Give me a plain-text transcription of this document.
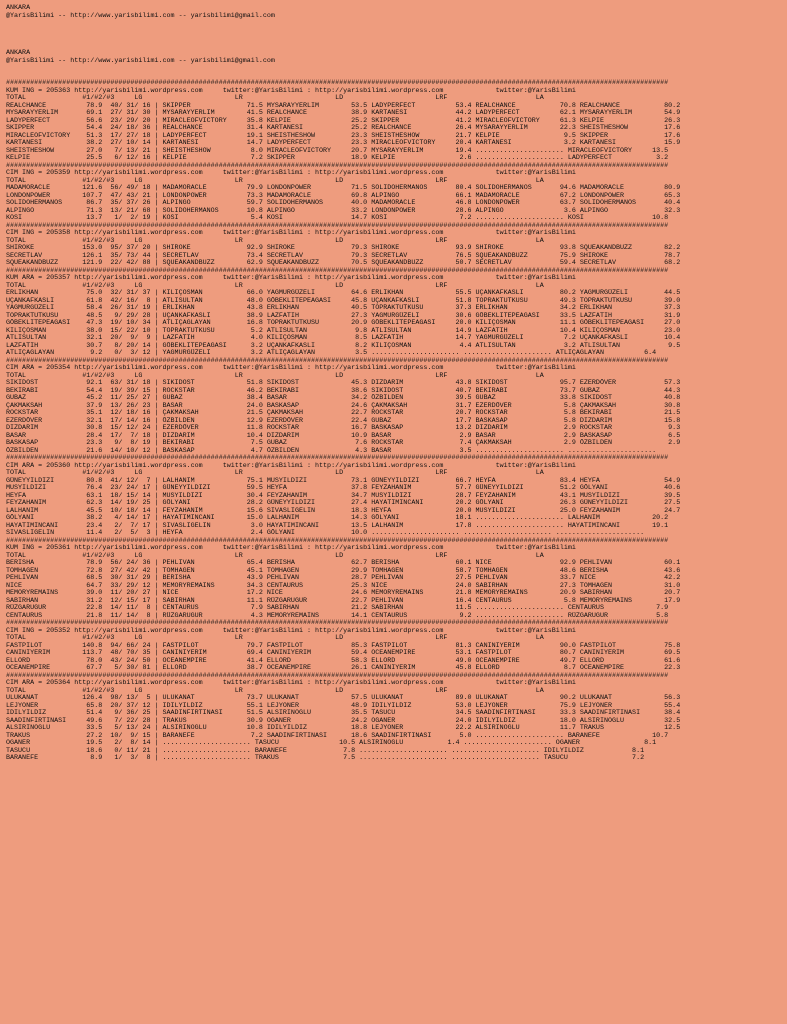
ANKARA
@YarisBilimi -- http://www.yarisbilimi.com -- yarisbilimi@gmail.com
ANKARA
@YarisBilimi -- http://www.yarisbilimi.com -- yarisbilimi@gmail.com
#####################################################################################################################################################################
KUM ING = 205363 http://yarisbilimi.wordpress.com     twitter:@YarisBilimi : http://yarisbilimi.wordpress.com             twitter:@YarisBilimi
TOTAL              #1/#2/#3     LG                       LR                       LD                       LRF                      LA
REALCHANCE          78.9  40/ 31/ 16 | SKIPPER              71.5 MYSARAYYERLIM        53.5 LADYPERFECT          53.4 REALCHANCE           70.8 REALCHANCE           80.2
MYSARAYYERLIM       69.1  27/ 31/ 30 | MYSARAYYERLIM        41.5 REALCHANCE           38.9 KARTANESI            44.2 LADYPERFECT          62.1 MYSARAYYERLIM        54.9
LADYPERFECT         56.6  23/ 29/ 20 | MIRACLEOFVICTORY     35.8 KELPIE               25.2 SKIPPER              41.2 MIRACLEOFVICTORY     61.3 KELPIE               26.3
SKIPPER             54.4  24/ 18/ 36 | REALCHANCE           31.4 KARTANESI            25.2 REALCHANCE           26.4 MYSARAYYERLIM        22.3 SHEISTHESHOW         17.6
MIRACLEOFVICTORY    51.3  17/ 27/ 18 | LADYPERFECT          19.1 SHEISTHESHOW         23.3 SHEISTHESHOW         21.7 KELPIE                9.5 SKIPPER              17.6
KARTANESI           38.2  27/ 10/ 14 | KARTANESI            14.7 LADYPERFECT          23.3 MIRACLEOFVICTORY     20.4 KARTANESI             3.2 KARTANESI            15.9
SHEISTHESHOW        27.0   7/ 13/ 21 | SHEISTHESHOW          8.0 MIRACLEOFVICTORY     20.7 MYSARAYYERLIM        19.4 ...................... MIRACLEOFVICTORY     13.5
KELPIE              25.5   6/ 12/ 16 | KELPIE                7.2 SKIPPER              18.9 KELPIE                2.6 ...................... LADYPERFECT           3.2
#####################################################################################################################################################################
CIM ING = 205359 http://yarisbilimi.wordpress.com     twitter:@YarisBilimi : http://yarisbilimi.wordpress.com             twitter:@YarisBilimi
TOTAL              #1/#2/#3     LG                       LR                       LD                       LRF                      LA
MADAMORACLE        121.6  56/ 49/ 18 | MADAMORACLE          79.9 LONDONPOWER          71.5 SOLIDOHERMANOS       80.4 SOLIDOHERMANOS       94.6 MADAMORACLE          80.9
LONDONPOWER        107.7  47/ 43/ 21 | LONDONPOWER          73.3 MADAMORACLE          69.8 ALPINGO              66.1 MADAMORACLE          67.2 LONDONPOWER          65.3
SOLIDOHERMANOS      86.7  35/ 37/ 26 | ALPINGO              59.7 SOLIDOHERMANOS       40.0 MADAMORACLE          46.8 LONDONPOWER          63.7 SOLIDOHERMANOS       40.4
ALPINGO             71.3  13/ 21/ 68 | SOLIDOHERMANOS       10.8 ALPINGO              33.2 LONDONPOWER          28.6 ALPINGO               3.6 ALPINGO              32.3
KOSI                13.7   1/  2/ 19 | KOSI                  5.4 KOSI                 14.7 KOSI                  7.2 ...................... KOSI                 10.8
#####################################################################################################################################################################
CIM ING = 205358 http://yarisbilimi.wordpress.com     twitter:@YarisBilimi : http://yarisbilimi.wordpress.com             twitter:@YarisBilimi
TOTAL              #1/#2/#3     LG                       LR                       LD                       LRF                      LA
SHIROKE            153.0  95/ 37/ 20 | SHIROKE              92.9 SHIROKE              79.3 SHIROKE              93.9 SHIROKE              93.8 SQUEAKANDBUZZ        82.2
SECRETLAV          126.1  35/ 73/ 44 | SECRETLAV            73.4 SECRETLAV            79.3 SECRETLAV            76.5 SQUEAKANDBUZZ        75.9 SHIROKE              78.7
SQUEAKANDBUZZ      121.9  22/ 42/ 88 | SQUEAKANDBUZZ        62.9 SQUEAKANDBUZZ        70.5 SQUEAKANDBUZZ        50.7 SECRETLAV            59.4 SECRETLAV            68.2
#####################################################################################################################################################################
KUM ARA = 205357 http://yarisbilimi.wordpress.com     twitter:@YarisBilimi : http://yarisbilimi.wordpress.com             twitter:@YarisBilimi
TOTAL              #1/#2/#3     LG                       LR                       LD                       LRF                      LA
ERLIKHAN            75.0  32/ 31/ 37 | KILIÇOSMAN           66.0 YAGMURGÜZELI         64.6 ERLIKHAN             55.5 UÇANKAFKASLI         80.2 YAGMURGÜZELI         44.5
UÇANKAFKASLI        61.8  42/ 16/  8 | ATLISULTAN           48.0 GÖBEKLITEPEAGASI     45.8 UÇANKAFKASLI         51.8 TOPRAKTUTKUSU        49.3 TOPRAKTUTKUSU        39.0
YAGMURGÜZELI        58.4  26/ 31/ 19 | ERLIKHAN             43.8 ERLIKHAN             40.5 TOPRAKTUTKUSU        37.3 ERLIKHAN             34.2 ERLIKHAN             37.3
TOPRAKTUTKUSU       48.5   9/ 29/ 28 | UÇANKAFKASLI         38.9 LAZFATIH             27.3 YAGMURGÜZELI         30.6 GÖBEKLITEPEAGASI     33.5 LAZFATIH             31.9
GÖBEKLITEPEAGASI    47.3  19/ 10/ 34 | ATLIÇAGLAYAN         16.8 TOPRAKTUTKUSU        20.9 GÖBEKLITEPEAGASI     20.0 KILIÇOSMAN           11.1 GÖBEKLITEPEAGASI     27.0
KILIÇOSMAN          38.0  15/ 22/ 10 | TOPRAKTUTKUSU         5.2 ATLISULTAN            9.8 ATLISULTAN           14.9 LAZFATIH             10.4 KILIÇOSMAN           23.0
ATLISULTAN          32.1  20/  9/  9 | LAZFATIH              4.0 KILIÇOSMAN            8.5 LAZFATIH             14.7 YAGMURGÜZELI          7.2 UÇANKAFKASLI         10.4
LAZFATIH            30.7   8/ 20/ 14 | GÖBEKLITEPEAGASI      3.2 UÇANKAFKASLI          8.2 KILIÇOSMAN            4.4 ATLISULTAN            3.2 ATLISULTAN            9.5
ATLIÇAGLAYAN         9.2   0/  3/ 12 | YAGMURGÜZELI          3.2 ATLIÇAGLAYAN          3.5 ...................... ...................... ATLIÇAGLAYAN          6.4
#####################################################################################################################################################################
CIM ARA = 205354 http://yarisbilimi.wordpress.com     twitter:@YarisBilimi : http://yarisbilimi.wordpress.com             twitter:@YarisBilimi
TOTAL              #1/#2/#3     LG                       LR                       LD                       LRF                      LA
SIKIDOST            92.1  63/ 31/ 18 | SIKIDOST             51.8 SIKIDOST             45.3 DIZDARIM             43.8 SIKIDOST             95.7 EZERDÖVER            57.3
BEKIRABI            54.4  19/ 39/ 15 | ROCKSTAR             46.2 BEKIRABI             38.6 SIKIDOST             40.7 BEKIRABI             73.7 GUBAZ                44.3
GUBAZ               45.2  11/ 25/ 27 | GUBAZ                38.4 BASAR                34.2 ÖZBILDEN             39.5 GUBAZ                33.8 SIKIDOST             40.8
ÇAKMAKSAH           37.9  13/ 26/ 23 | BASAR                24.0 BASKASAP             24.6 ÇAKMAKSAH            31.7 EZERDÖVER             5.8 ÇAKMAKSAH            30.8
ROCKSTAR            35.1  12/ 18/ 16 | ÇAKMAKSAH            21.5 ÇAKMAKSAH            22.7 ROCKSTAR             20.7 ROCKSTAR              5.8 BEKIRABI             21.5
EZERDÖVER           32.1  17/ 14/ 16 | ÖZBILDEN             12.9 EZERDÖVER            22.4 GUBAZ                17.7 BASKASAP              5.8 DIZDARIM             15.8
DIZDARIM            30.8  15/ 12/ 24 | EZERDÖVER            11.8 ROCKSTAR             16.7 BASKASAP             13.2 DIZDARIM              2.9 ROCKSTAR              9.3
BASAR               28.4  17/  7/ 18 | DIZDARIM             10.4 DIZDARIM             10.9 BASAR                 2.9 BASAR                 2.9 BASKASAP              6.5
BASKASAP            23.3   9/  8/ 19 | BEKIRABI              7.5 GUBAZ                 7.6 ROCKSTAR              7.4 ÇAKMAKSAH             2.9 ÖZBILDEN              2.9
ÖZBILDEN            21.6  14/ 10/ 12 | BASKASAP              4.7 ÖZBILDEN              4.3 BASAR                 3.5 ...................... ......................
#####################################################################################################################################################################
CIM ARA = 205360 http://yarisbilimi.wordpress.com     twitter:@YarisBilimi : http://yarisbilimi.wordpress.com             twitter:@YarisBilimi
TOTAL              #1/#2/#3     LG                       LR                       LD                       LRF                      LA
GÜNEYYILDIZI        80.8  41/ 12/  7 | LALHANIM             75.1 MUSYILDIZI           73.1 GÜNEYYILDIZI         66.7 HEYFA                83.4 HEYFA                54.9
MUSYILDIZI          76.4  23/ 24/ 17 | GÜNEYYILDIZI         59.5 HEYFA                37.8 FEYZAHANIM           57.7 GÜNEYYILDIZI         51.2 GÖLYANI              40.6
HEYFA               63.1  18/ 15/ 14 | MUSYILDIZI           30.4 FEYZAHANIM           34.7 MUSYILDIZI           28.7 FEYZAHANIM           43.1 MUSYILDIZI           39.5
FEYZAHANIM          62.3  14/ 19/ 25 | GÖLYANI              28.2 GÜNEYYILDIZI         27.4 HAYATIMINCANI        20.2 GÖLYANI              26.3 GÜNEYYILDIZI         27.5
LALHANIM            45.5  10/ 18/ 14 | FEYZAHANIM           15.6 SIVASLIGELIN         18.3 HEYFA                20.0 MUSYILDIZI           25.0 FEYZAHANIM           24.7
GÖLYANI             38.2   4/ 14/ 17 | HAYATIMINCANI        15.0 LALHANIM             14.3 GÖLYANI              18.1 ...................... LALHANIM             20.2
HAYATIMINCANI       23.4   2/  7/ 17 | SIVASLIGELIN          3.0 HAYATIMINCANI        13.5 LALHANIM             17.8 ...................... HAYATIMINCANI        19.1
SIVASLIGELIN        11.4   2/  5/  3 | HEYFA                 2.4 GÖLYANI              10.0 ...................... ...................... ......................
#####################################################################################################################################################################
KUM ING = 205361 http://yarisbilimi.wordpress.com     twitter:@YarisBilimi : http://yarisbilimi.wordpress.com             twitter:@YarisBilimi
TOTAL              #1/#2/#3     LG                       LR                       LD                       LRF                      LA
BERISHA             78.9  56/ 24/ 36 | PEHLIVAN             65.4 BERISHA              62.7 BERISHA              60.1 NICE                 92.9 PEHLIVAN             60.1
TOMHAGEN            72.8  27/ 42/ 42 | TOMHAGEN             45.1 TOMHAGEN             29.9 TOMHAGEN             58.7 TOMHAGEN             48.6 BERISHA              43.6
PEHLIVAN            68.5  30/ 31/ 29 | BERISHA              43.9 PEHLIVAN             28.7 PEHLIVAN             27.5 PEHLIVAN             33.7 NICE                 42.2
NICE                64.7  33/ 29/ 12 | MEMORYREMAINS        34.3 CENTAURUS            25.3 NICE                 24.0 SABIRHAN             27.3 TOMHAGEN             31.0
MEMORYREMAINS       39.0  11/ 20/ 27 | NICE                 17.2 NICE                 24.6 MEMORYREMAINS        21.8 MEMORYREMAINS        20.9 SABIRHAN             20.7
SABIRHAN            31.2  12/ 15/ 17 | SABIRHAN             11.1 RÜZGARUGUR           22.7 PEHLIVAN             16.4 CENTAURUS             5.8 MEMORYREMAINS        17.9
RÜZGARUGUR          22.8  14/ 11/  8 | CENTAURUS             7.9 SABIRHAN             21.2 SABIRHAN             11.5 ...................... CENTAURUS             7.9
CENTAURUS           21.8  11/ 14/  8 | RÜZGARUGUR            4.3 MEMORYREMAINS        14.1 CENTAURUS             9.2 ...................... RÜZGARUGUR            5.8
#####################################################################################################################################################################
CIM ING = 205352 http://yarisbilimi.wordpress.com     twitter:@YarisBilimi : http://yarisbilimi.wordpress.com             twitter:@YarisBilimi
TOTAL              #1/#2/#3     LG                       LR                       LD                       LRF                      LA
FASTPILOT          140.8  94/ 66/ 24 | FASTPILOT            79.7 FASTPILOT            85.3 FASTPILOT            81.3 CANINIYERIM          90.0 FASTPILOT            75.8
CANINIYERIM        113.7  48/ 70/ 35 | CANINIYERIM          69.4 CANINIYERIM          59.4 OCEANEMPIRE          53.1 FASTPILOT            80.7 CANINIYERIM          69.5
ELLORD              78.0  43/ 24/ 50 | OCEANEMPIRE          41.4 ELLORD               58.3 ELLORD               49.0 OCEANEMPIRE          49.7 ELLORD               61.6
OCEANEMPIRE         67.7   5/ 30/ 81 | ELLORD               38.7 OCEANEMPIRE          26.1 CANINIYERIM          45.8 ELLORD                8.7 OCEANEMPIRE          22.3
#####################################################################################################################################################################
CIM ARA = 205364 http://yarisbilimi.wordpress.com     twitter:@YarisBilimi : http://yarisbilimi.wordpress.com             twitter:@YarisBilimi
TOTAL              #1/#2/#3     LG                       LR                       LD                       LRF                      LA
ULUKANAT           126.4  98/ 13/  5 | ULUKANAT             73.7 ULUKANAT             57.5 ULUKANAT             89.0 ULUKANAT             90.2 ULUKANAT             56.3
LEJYONER            65.8  20/ 37/ 12 | IDILYILDIZ           55.1 LEJYONER             48.9 IDILYILDIZ           53.0 LEJYONER             75.9 LEJYONER             55.4
IDILYILDIZ          51.4   9/ 36/ 25 | SAADINFIRTINASI      51.5 ALSIRINOGLU          35.5 TASUCU               34.5 SAADINFIRTINASI      33.3 SAADINFIRTINASI      38.4
SAADINFIRTINASI     49.6   7/ 22/ 28 | TRAKUS               30.9 OGANER               24.2 OGANER               24.0 IDILYILDIZ           18.0 ALSIRINOGLU          32.5
ALSIRINOGLU         33.5   5/ 13/ 24 | ALSIRINOGLU          10.8 IDILYILDIZ           18.8 LEJYONER             22.2 ALSIRINOGLU          11.7 TRAKUS               12.5
TRAKUS              27.2  10/  9/ 15 | BARANEFE              7.2 SAADINFIRTINASI      18.6 SAADINFIRTINASI       5.0 ...................... BARANEFE             10.7
OGANER              19.5   2/  8/ 14 | ...................... TASUCU               10.5 ALSIRINOGLU           1.4 ...................... OGANER                8.1
TASUCU              18.6   0/ 11/ 21 | ...................... BARANEFE              7.8 ...................... ...................... IDILYILDIZ            8.1
BARANEFE             8.9   1/  3/  8 | ...................... TRAKUS                7.5 ...................... ...................... TASUCU                7.2
